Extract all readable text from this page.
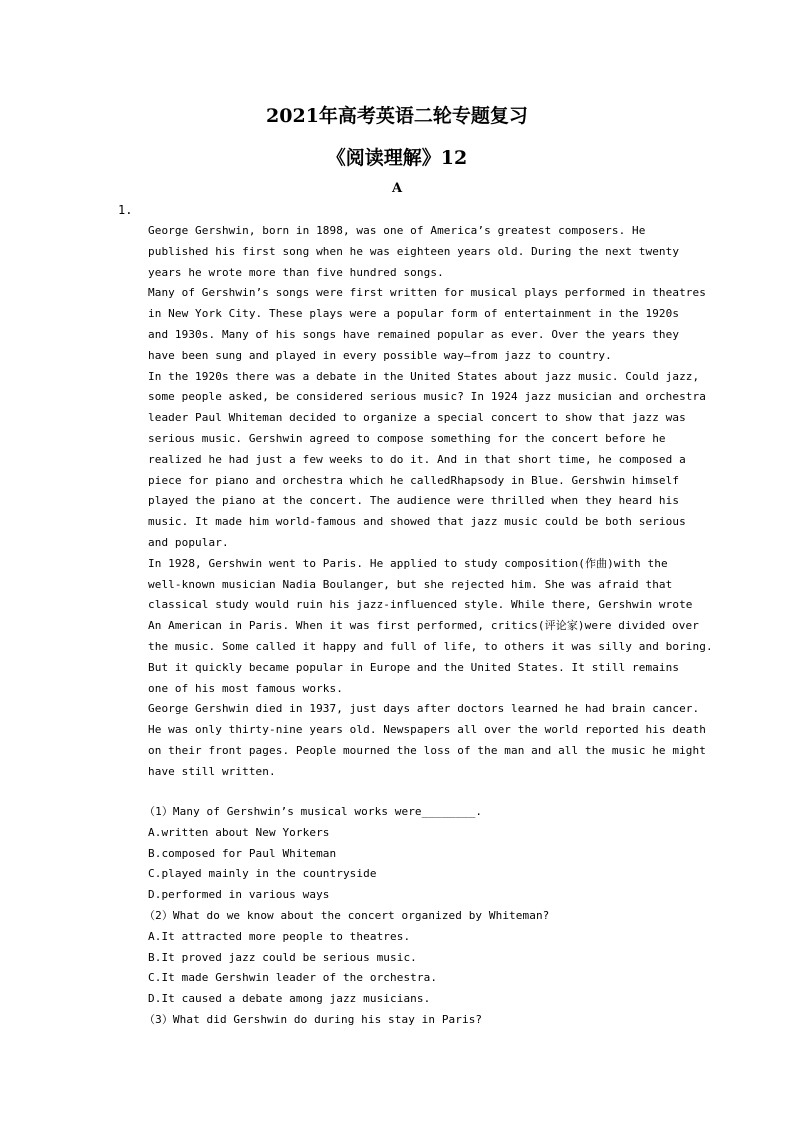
2021年高考英语二轮专题复习
《阅读理解》12
A
1.
George Gershwin, born in 1898, was one of America’s greatest composers. He
published his first song when he was eighteen years old. During the next twenty
years he wrote more than five hundred songs.
Many of Gershwin’s songs were first written for musical plays performed in theatres
in New York City. These plays were a popular form of entertainment in the 1920s
and 1930s. Many of his songs have remained popular as ever. Over the years they
have been sung and played in every possible way—from jazz to country.
In the 1920s there was a debate in the United States about jazz music. Could jazz,
some people asked, be considered serious music? In 1924 jazz musician and orchestra
leader Paul Whiteman decided to organize a special concert to show that jazz was
serious music. Gershwin agreed to compose something for the concert before he
realized he had just a few weeks to do it. And in that short time, he composed a
piece for piano and orchestra which he calledRhapsody in Blue. Gershwin himself
played the piano at the concert. The audience were thrilled when they heard his
music. It made him world-famous and showed that jazz music could be both serious
and popular.
In 1928, Gershwin went to Paris. He applied to study composition(作曲)with the
well-known musician Nadia Boulanger, but she rejected him. She was afraid that
classical study would ruin his jazz-influenced style. While there, Gershwin wrote
An American in Paris. When it was first performed, critics(评论家)were divided over
the music. Some called it happy and full of life, to others it was silly and boring.
But it quickly became popular in Europe and the United States. It still remains
one of his most famous works.
George Gershwin died in 1937, just days after doctors learned he had brain cancer.
He was only thirty-nine years old. Newspapers all over the world reported his death
on their front pages. People mourned the loss of the man and all the music he might
have still written.
（1）Many of Gershwin’s musical works were________.
A.written about New Yorkers
B.composed for Paul Whiteman
C.played mainly in the countryside
D.performed in various ways
（2）What do we know about the concert organized by Whiteman?
A.It attracted more people to theatres.
B.It proved jazz could be serious music.
C.It made Gershwin leader of the orchestra.
D.It caused a debate among jazz musicians.
（3）What did Gershwin do during his stay in Paris?
